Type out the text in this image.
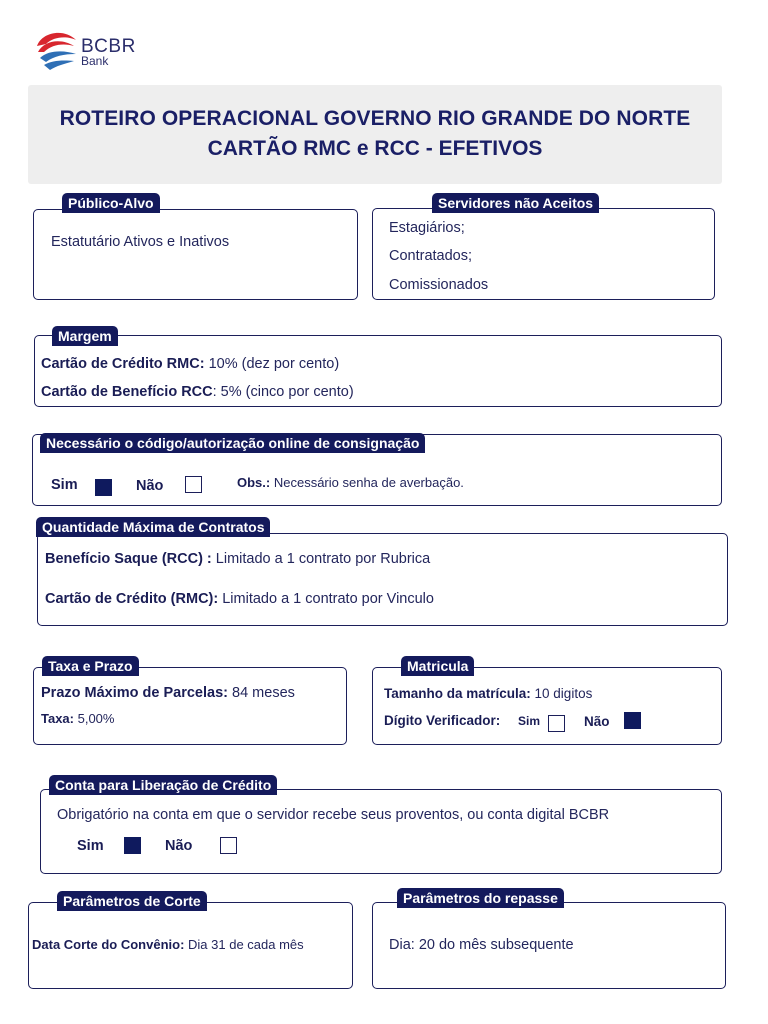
BCBR
Bank
ROTEIRO OPERACIONAL GOVERNO RIO GRANDE DO NORTE
CARTÃO RMC e RCC - EFETIVOS
Público-Alvo
Estatutário Ativos e Inativos
Servidores não Aceitos
Estagiários;
Contratados;
Comissionados
Margem
Cartão de Crédito RMC: 10% (dez por cento)
Cartão de Benefício RCC: 5% (cinco por cento)
Necessário o código/autorização online de consignação
Sim	Não	Obs.: Necessário senha de averbação.
Quantidade Máxima de Contratos
Benefício Saque (RCC) : Limitado a 1 contrato por Rubrica
Cartão de Crédito (RMC): Limitado a 1 contrato por Vinculo
Taxa e Prazo
Prazo Máximo de Parcelas: 84 meses
Taxa: 5,00%
Matricula
Tamanho da matrícula: 10 digitos
Dígito Verificador: Sim	Não
Conta para Liberação de Crédito
Obrigatório na conta em que o servidor recebe seus proventos, ou conta digital BCBR
Sim	Não
Parâmetros de Corte
Data Corte do Convênio: Dia 31 de cada mês
Parâmetros do repasse
Dia: 20 do mês subsequente
